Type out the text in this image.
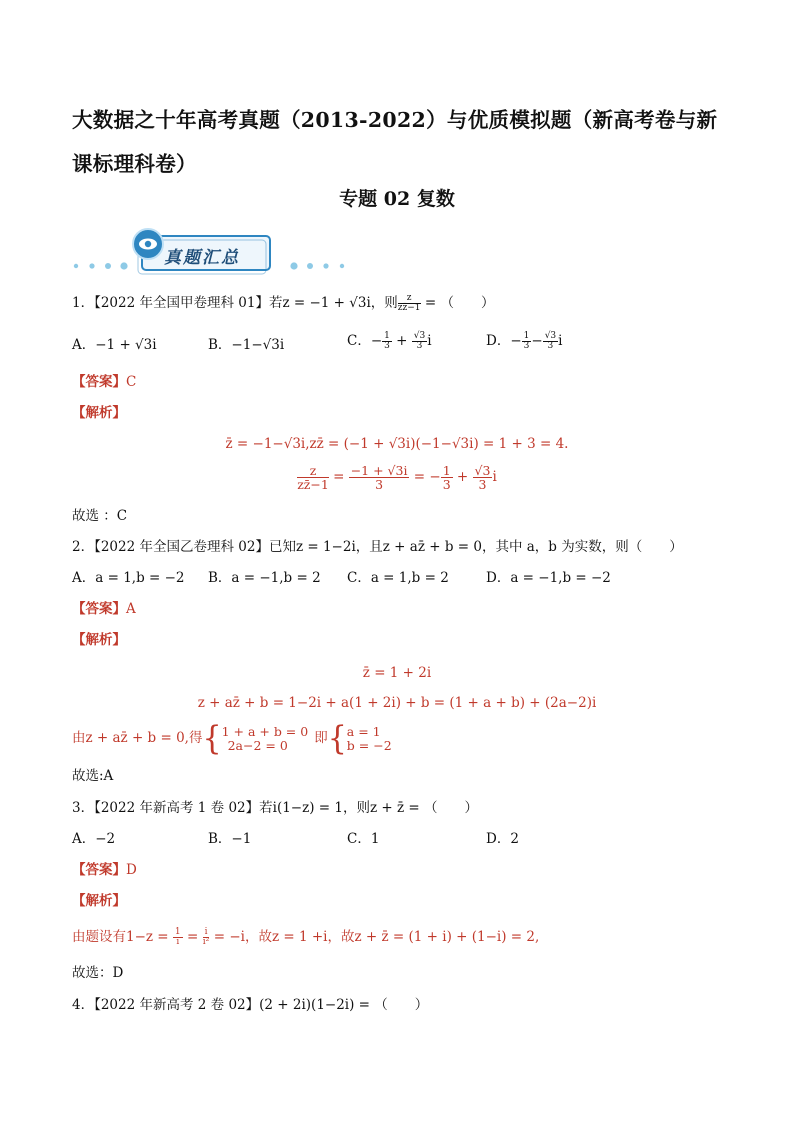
大数据之十年高考真题（2013-2022）与优质模拟题（新高考卷与新课标理科卷）
专题 02 复数
真题汇总
1．【2022 年全国甲卷理科 01】若z = −1 + √3i，则 $\frac{z}{zz̄-1}$ = （　　）
A．−1 + √3i	B．−1−√3i	C．− $\frac{1}{3} + \frac{√3}{3}$ i	D．− $\frac{1}{3} - \frac{√3}{3}$ i
【答案】C
【解析】
z̄ = −1−√3i,zz̄ = (−1 + √3i)(−1−√3i) = 1 + 3 = 4.
$\frac{z}{zz̄-1} = \frac{-1 + √3i}{3}$ = − $\frac{1}{3} + \frac{√3}{3}$ i
故选 ：C
2．【2022 年全国乙卷理科 02】已知z = 1−2i，且z + az̄ + b = 0，其中 a，b 为实数，则（　　）
A．a = 1,b = −2 B．a = −1,b = 2 C．a = 1,b = 2	D．a = −1,b = −2
【答案】A
【解析】
z̄ = 1 + 2i
z + az̄ + b = 1−2i + a(1 + 2i) + b = (1 + a + b) + (2a−2)i
由z + az̄ + b = 0,得{ 1 + a + b = 0
2a−2 = 0	即{ a = 1
b = −2
故选:A
3．【2022 年新高考 1 卷 02】若i(1−z) = 1，则z + z̄ = （　　）
A．−2	B．−1	C．1	D．2
【答案】D
【解析】
由题设有$1-z = \frac{1}{i} = \frac{i}{\text{i²}} = -i$，故z = 1 +i，故z + z̄ = (1 + i) + (1−i) = 2,
故选：D
4．【2022 年新高考 2 卷 02】(2 + 2i)(1−2i) = （　　）
